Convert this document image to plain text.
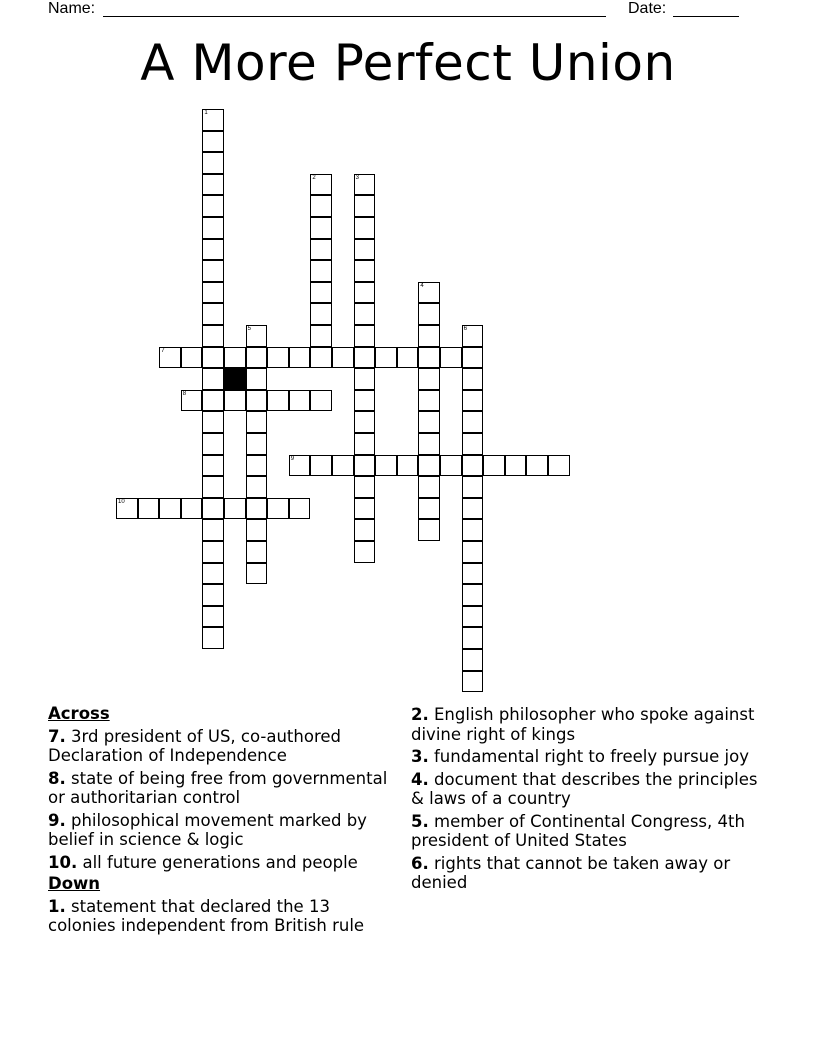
Name:	Date:
A More Perfect Union
1
2	3
4
5	6
7
8
9
10
Across
7. 3rd president of US, co-authored Declaration of Independence
8. state of being free from governmental or authoritarian control
9. philosophical movement marked by belief in science & logic
10. all future generations and people
Down
1. statement that declared the 13 colonies independent from British rule
2. English philosopher who spoke against divine right of kings
3. fundamental right to freely pursue joy
4. document that describes the principles & laws of a country
5. member of Continental Congress, 4th president of United States
6. rights that cannot be taken away or denied
